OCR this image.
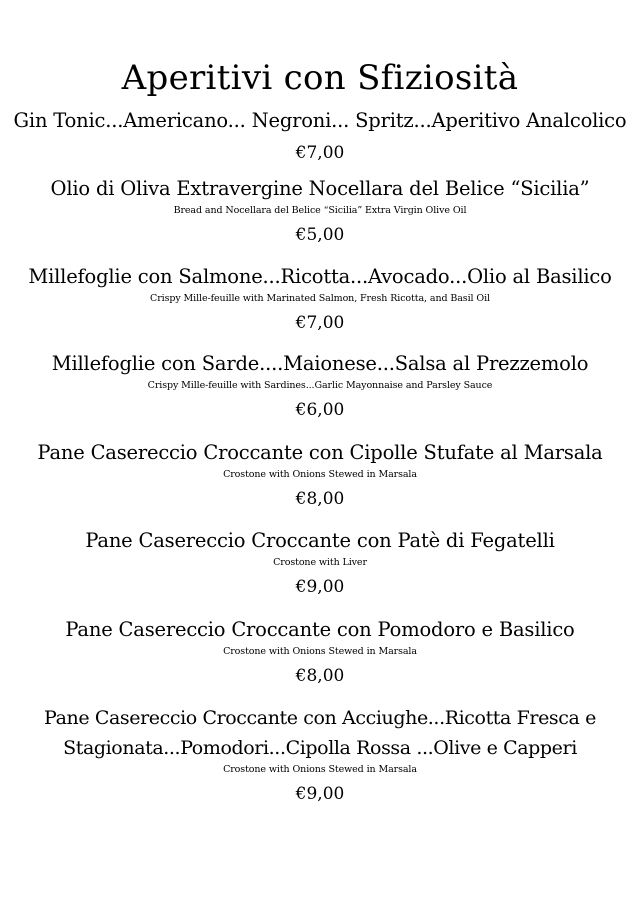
Aperitivi con Sfiziosità
Gin Tonic...Americano... Negroni... Spritz...Aperitivo Analcolico
€7,00
Olio di Oliva Extravergine Nocellara del Belice “Sicilia”
Bread and Nocellara del Belice “Sicilia” Extra Virgin Olive Oil
€5,00
Millefoglie con Salmone...Ricotta...Avocado...Olio al Basilico
Crispy Mille-feuille with Marinated Salmon, Fresh Ricotta, and Basil Oil
€7,00
Millefoglie con Sarde....Maionese...Salsa al Prezzemolo
Crispy Mille-feuille with Sardines...Garlic Mayonnaise and Parsley Sauce
€6,00
Pane Casereccio Croccante con Cipolle Stufate al Marsala
Crostone with Onions Stewed in Marsala
€8,00
Pane Casereccio Croccante con Patè di Fegatelli
Crostone with Liver
€9,00
Pane Casereccio Croccante con Pomodoro e Basilico
Crostone with Onions Stewed in Marsala
€8,00
Pane Casereccio Croccante con Acciughe...Ricotta Fresca e
Stagionata...Pomodori...Cipolla Rossa ...Olive e Capperi
Crostone with Onions Stewed in Marsala
€9,00
